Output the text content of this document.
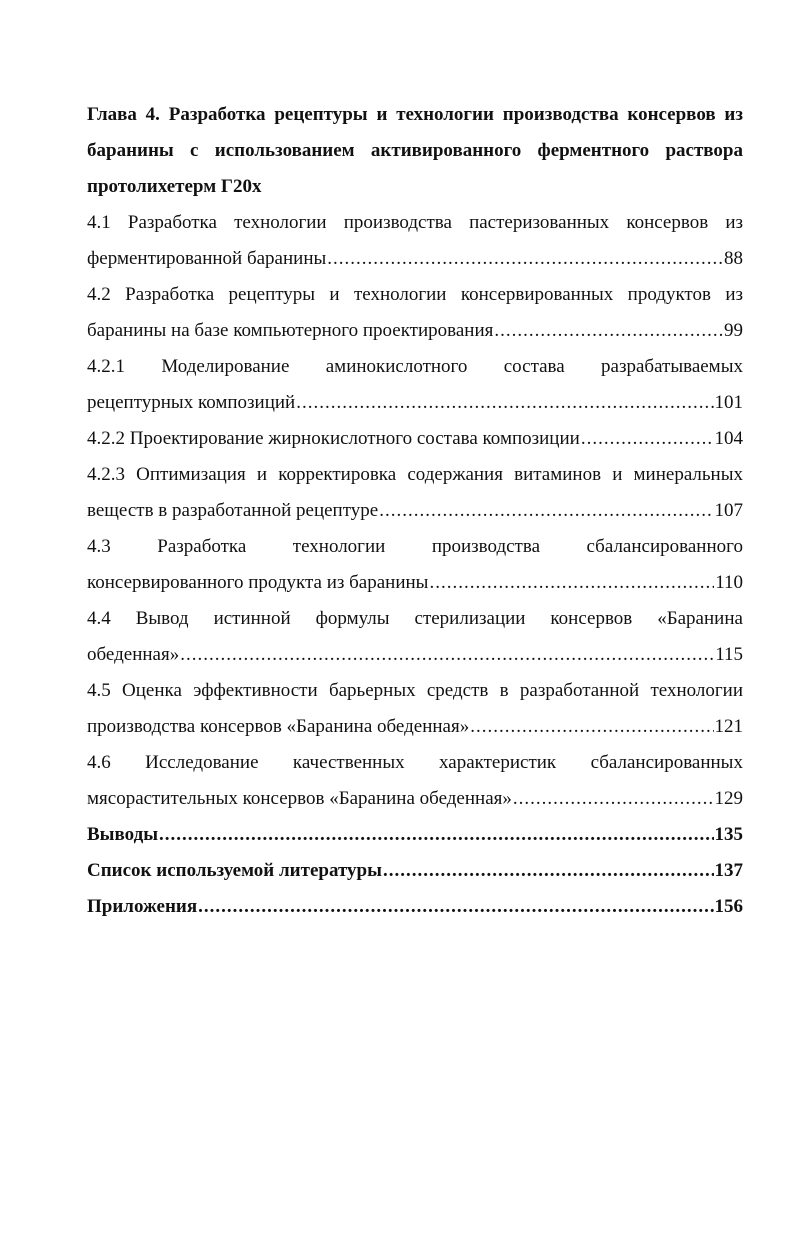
Глава 4. Разработка рецептуры и технологии производства консервов из баранины с использованием активированного ферментного раствора протолихетерм Г20х

4.1 Разработка технологии производства пастеризованных консервов из
ферментированной баранины .....	88
4.2 Разработка рецептуры и технологии консервированных продуктов из
баранины на базе компьютерного проектирования .....	99
4.2.1 Моделирование аминокислотного состава разрабатываемых
рецептурных композиций .....	101
4.2.2 Проектирование жирнокислотного состава композиции .....	104
4.2.3 Оптимизация и корректировка содержания витаминов и минеральных
веществ в разработанной рецептуре .....	107
4.3 Разработка технологии производства сбалансированного
консервированного продукта из баранины .....	110
4.4 Вывод истинной формулы стерилизации консервов «Баранина
обеденная» .....	115
4.5 Оценка эффективности барьерных средств в разработанной технологии
производства консервов «Баранина обеденная» .....	121
4.6 Исследование качественных характеристик сбалансированных
мясорастительных консервов «Баранина обеденная» .....	129
Выводы .....	135
Список используемой литературы .....	137
Приложения .....	156
